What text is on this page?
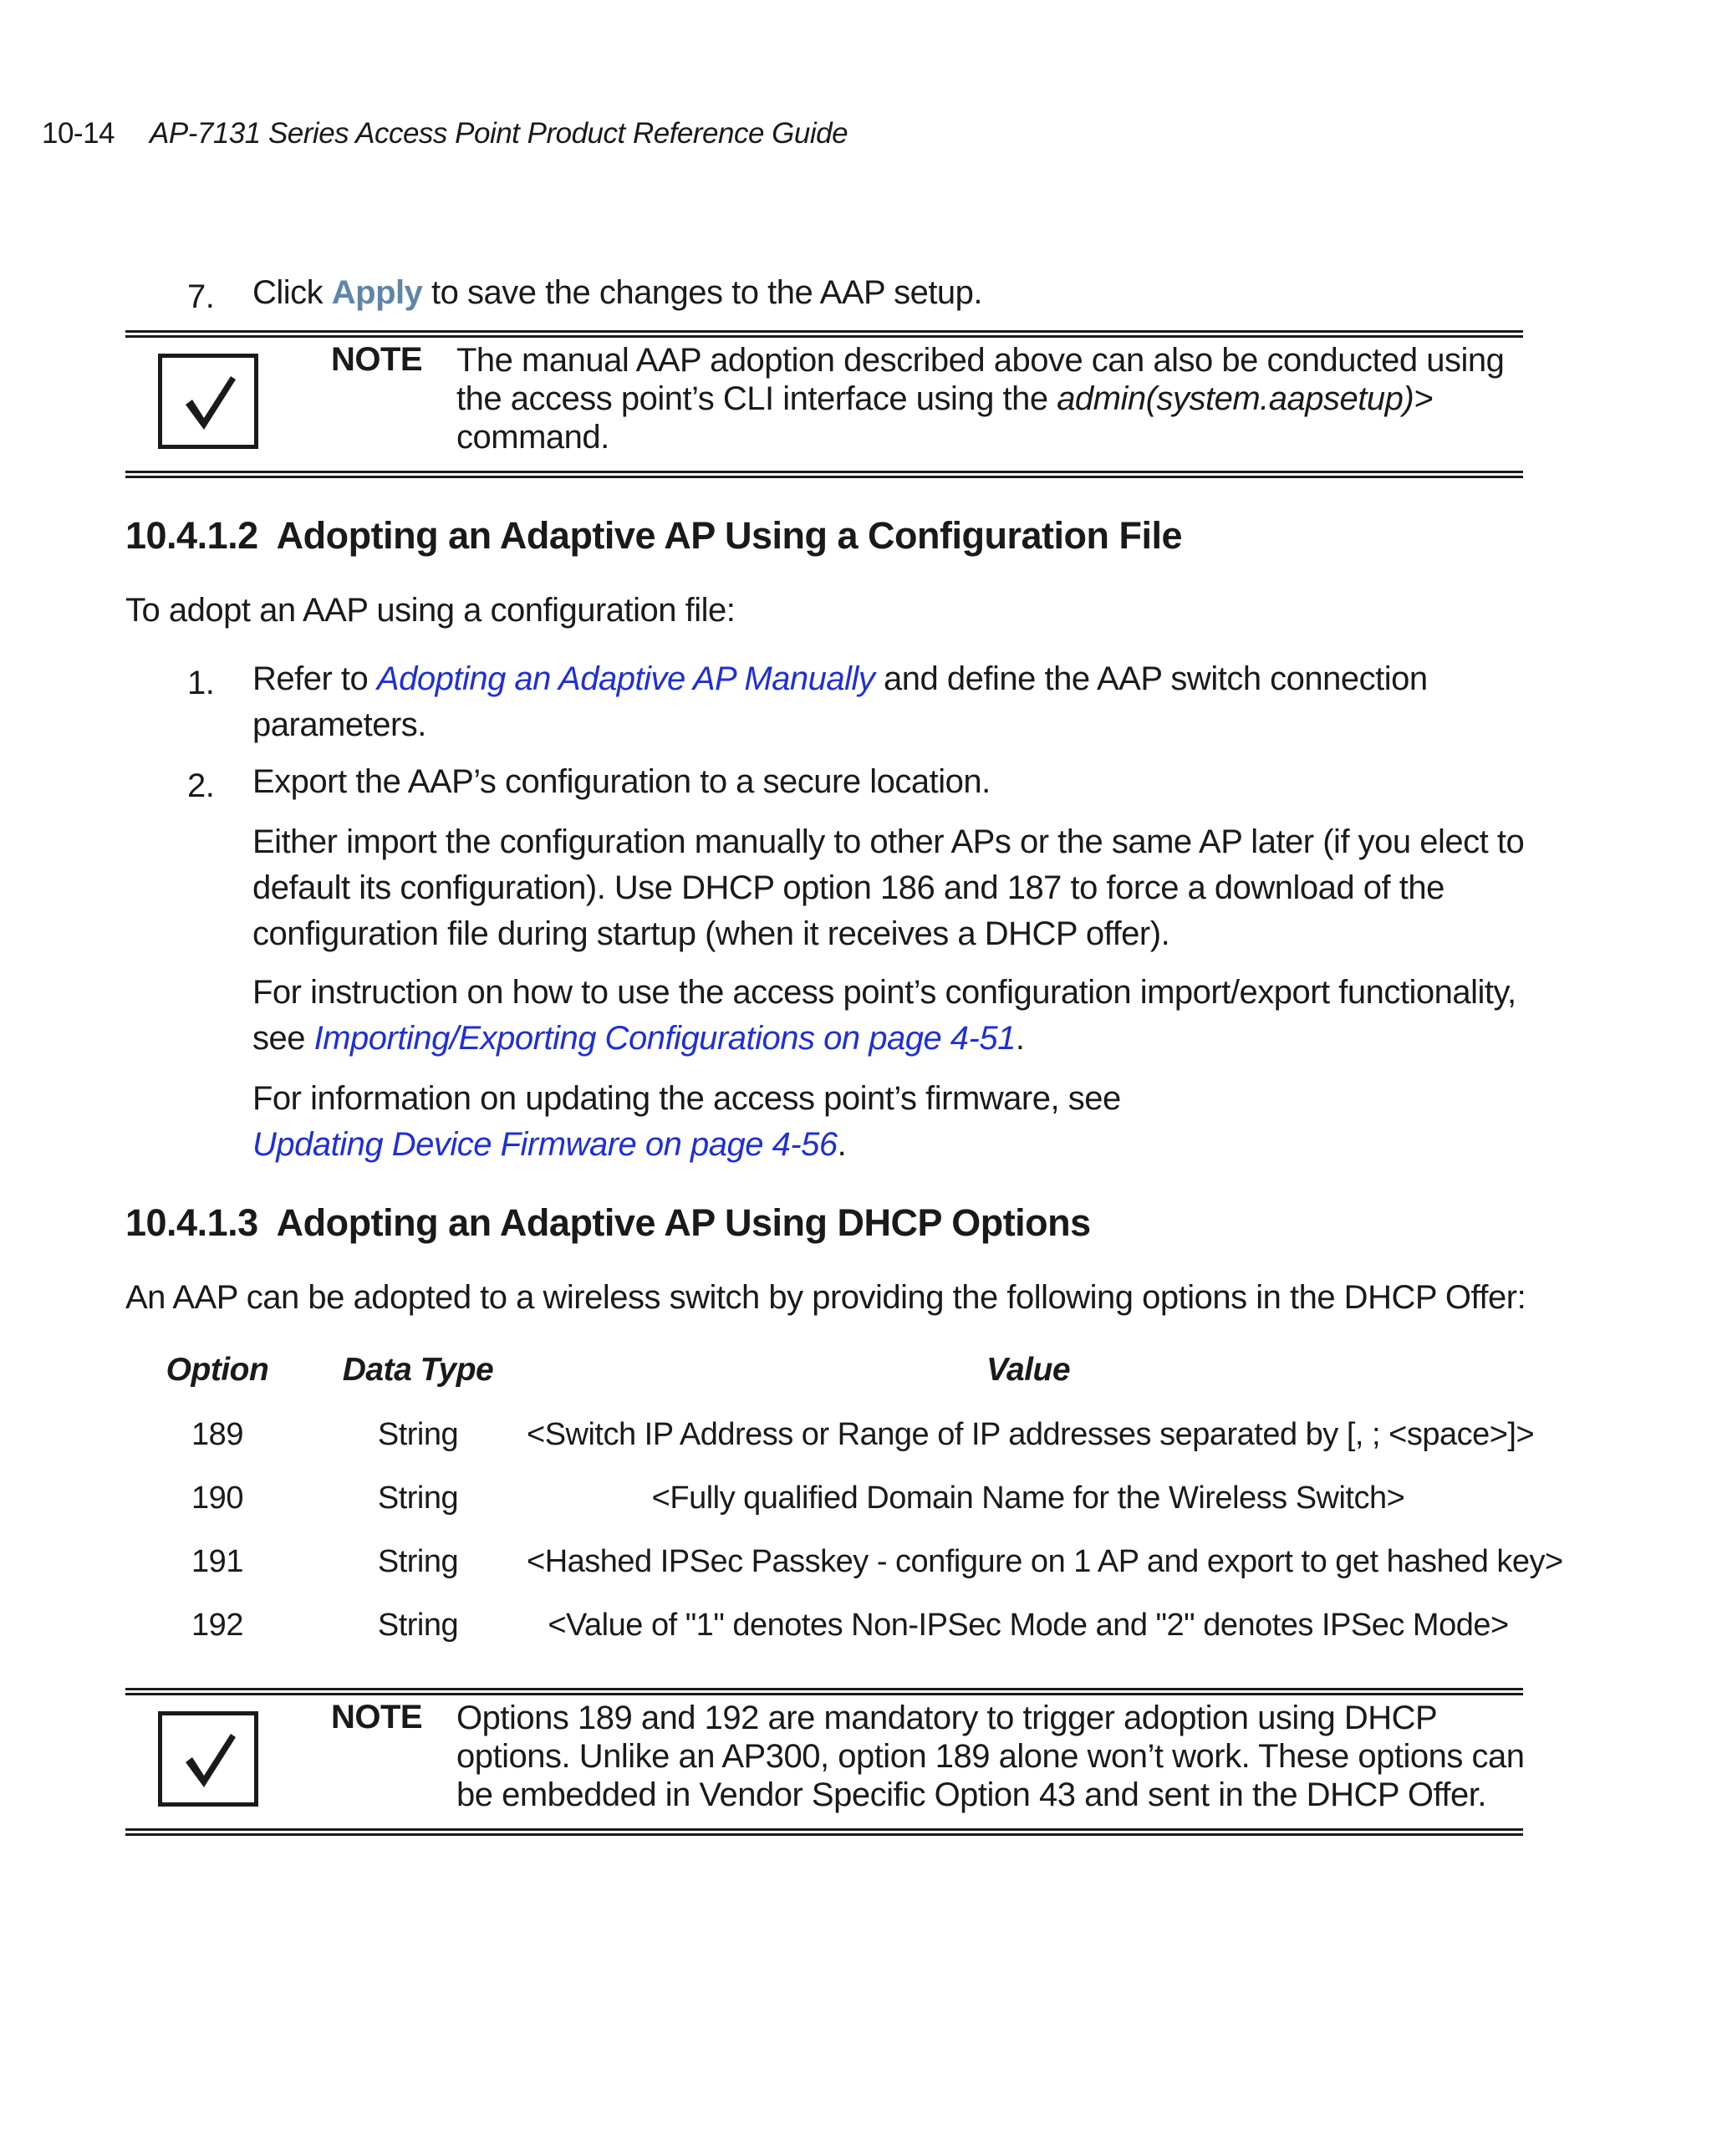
10-14 AP-7131 Series Access Point Product Reference Guide
7. Click Apply to save the changes to the AAP setup.
NOTE The manual AAP adoption described above can also be conducted using
the access point’s CLI interface using the admin(system.aapsetup)>
command.
10.4.1.2 Adopting an Adaptive AP Using a Configuration File
To adopt an AAP using a configuration file:
1. Refer to Adopting an Adaptive AP Manually and define the AAP switch connection
parameters.
2. Export the AAP’s configuration to a secure location.
Either import the configuration manually to other APs or the same AP later (if you elect to
default its configuration). Use DHCP option 186 and 187 to force a download of the
configuration file during startup (when it receives a DHCP offer).
For instruction on how to use the access point’s configuration import/export functionality,
see Importing/Exporting Configurations on page 4-51.
For information on updating the access point’s firmware, see
Updating Device Firmware on page 4-56.
10.4.1.3 Adopting an Adaptive AP Using DHCP Options
An AAP can be adopted to a wireless switch by providing the following options in the DHCP Offer:
Option	Data Type	Value
189	String	<Switch IP Address or Range of IP addresses separated by [, ; <space>]>
190	String	<Fully qualified Domain Name for the Wireless Switch>
191	String	<Hashed IPSec Passkey - configure on 1 AP and export to get hashed key>
192	String	<Value of "1" denotes Non-IPSec Mode and "2" denotes IPSec Mode>
NOTE Options 189 and 192 are mandatory to trigger adoption using DHCP
options. Unlike an AP300, option 189 alone won’t work. These options can
be embedded in Vendor Specific Option 43 and sent in the DHCP Offer.
